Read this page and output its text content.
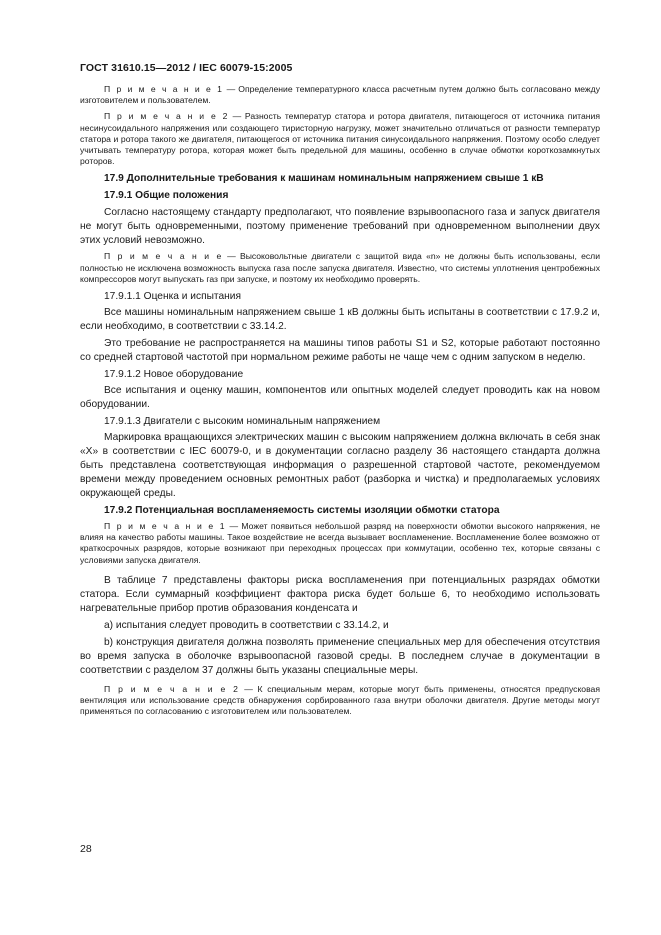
ГОСТ 31610.15—2012 / IEC 60079-15:2005

П р и м е ч а н и е 1 — Определение температурного класса расчетным путем должно быть согласовано между изготовителем и пользователем.

П р и м е ч а н и е 2 — Разность температур статора и ротора двигателя, питающегося от источника питания несинусоидального напряжения или создающего тиристорную нагрузку, может значительно отличаться от разности температур статора и ротора такого же двигателя, питающегося от источника питания синусоидального напряжения. Поэтому особо следует учитывать температуру ротора, которая может быть предельной для машины, особенно в случае обмотки короткозамкнутых роторов.

17.9 Дополнительные требования к машинам номинальным напряжением свыше 1 кВ

17.9.1 Общие положения

Согласно настоящему стандарту предполагают, что появление взрывоопасного газа и запуск двигателя не могут быть одновременными, поэтому применение требований при одновременном выполнении двух этих условий невозможно.

П р и м е ч а н и е — Высоковольтные двигатели с защитой вида «n» не должны быть использованы, если полностью не исключена возможность выпуска газа после запуска двигателя. Известно, что системы уплотнения центробежных компрессоров могут выпускать газ при запуске, и поэтому их необходимо проверять.

17.9.1.1 Оценка и испытания

Все машины номинальным напряжением свыше 1 кВ должны быть испытаны в соответствии с 17.9.2 и, если необходимо, в соответствии с 33.14.2.

Это требование не распространяется на машины типов работы S1 и S2, которые работают постоянно со средней стартовой частотой при нормальном режиме работы не чаще чем с одним запуском в неделю.

17.9.1.2 Новое оборудование

Все испытания и оценку машин, компонентов или опытных моделей следует проводить как на новом оборудовании.

17.9.1.3 Двигатели с высоким номинальным напряжением

Маркировка вращающихся электрических машин с высоким напряжением должна включать в себя знак «Х» в соответствии с IEC 60079-0, и в документации согласно разделу 36 настоящего стандарта должна быть представлена соответствующая информация о разрешенной стартовой частоте, рекомендуемом времени между проведением основных ремонтных работ (разборка и чистка) и предполагаемых условиях окружающей среды.

17.9.2 Потенциальная воспламеняемость системы изоляции обмотки статора

П р и м е ч а н и е 1 — Может появиться небольшой разряд на поверхности обмотки высокого напряжения, не влияя на качество работы машины. Такое воздействие не всегда вызывает воспламенение. Воспламенение более возможно от краткосрочных разрядов, которые возникают при переходных процессах при коммутации, особенно тех, которые связаны с условиями запуска двигателя.

В таблице 7 представлены факторы риска воспламенения при потенциальных разрядах обмотки статора. Если суммарный коэффициент фактора риска будет больше 6, то необходимо использовать нагревательные прибор против образования конденсата и

a) испытания следует проводить в соответствии с 33.14.2, и

b) конструкция двигателя должна позволять применение специальных мер для обеспечения отсутствия во время запуска в оболочке взрывоопасной газовой среды. В последнем случае в документации в соответствии с разделом 37 должны быть указаны специальные меры.

П р и м е ч а н и е 2 — К специальным мерам, которые могут быть применены, относятся предпусковая вентиляция или использование средств обнаружения сорбированного газа внутри оболочки двигателя. Другие методы могут применяться по согласованию с изготовителем или пользователем.

28
